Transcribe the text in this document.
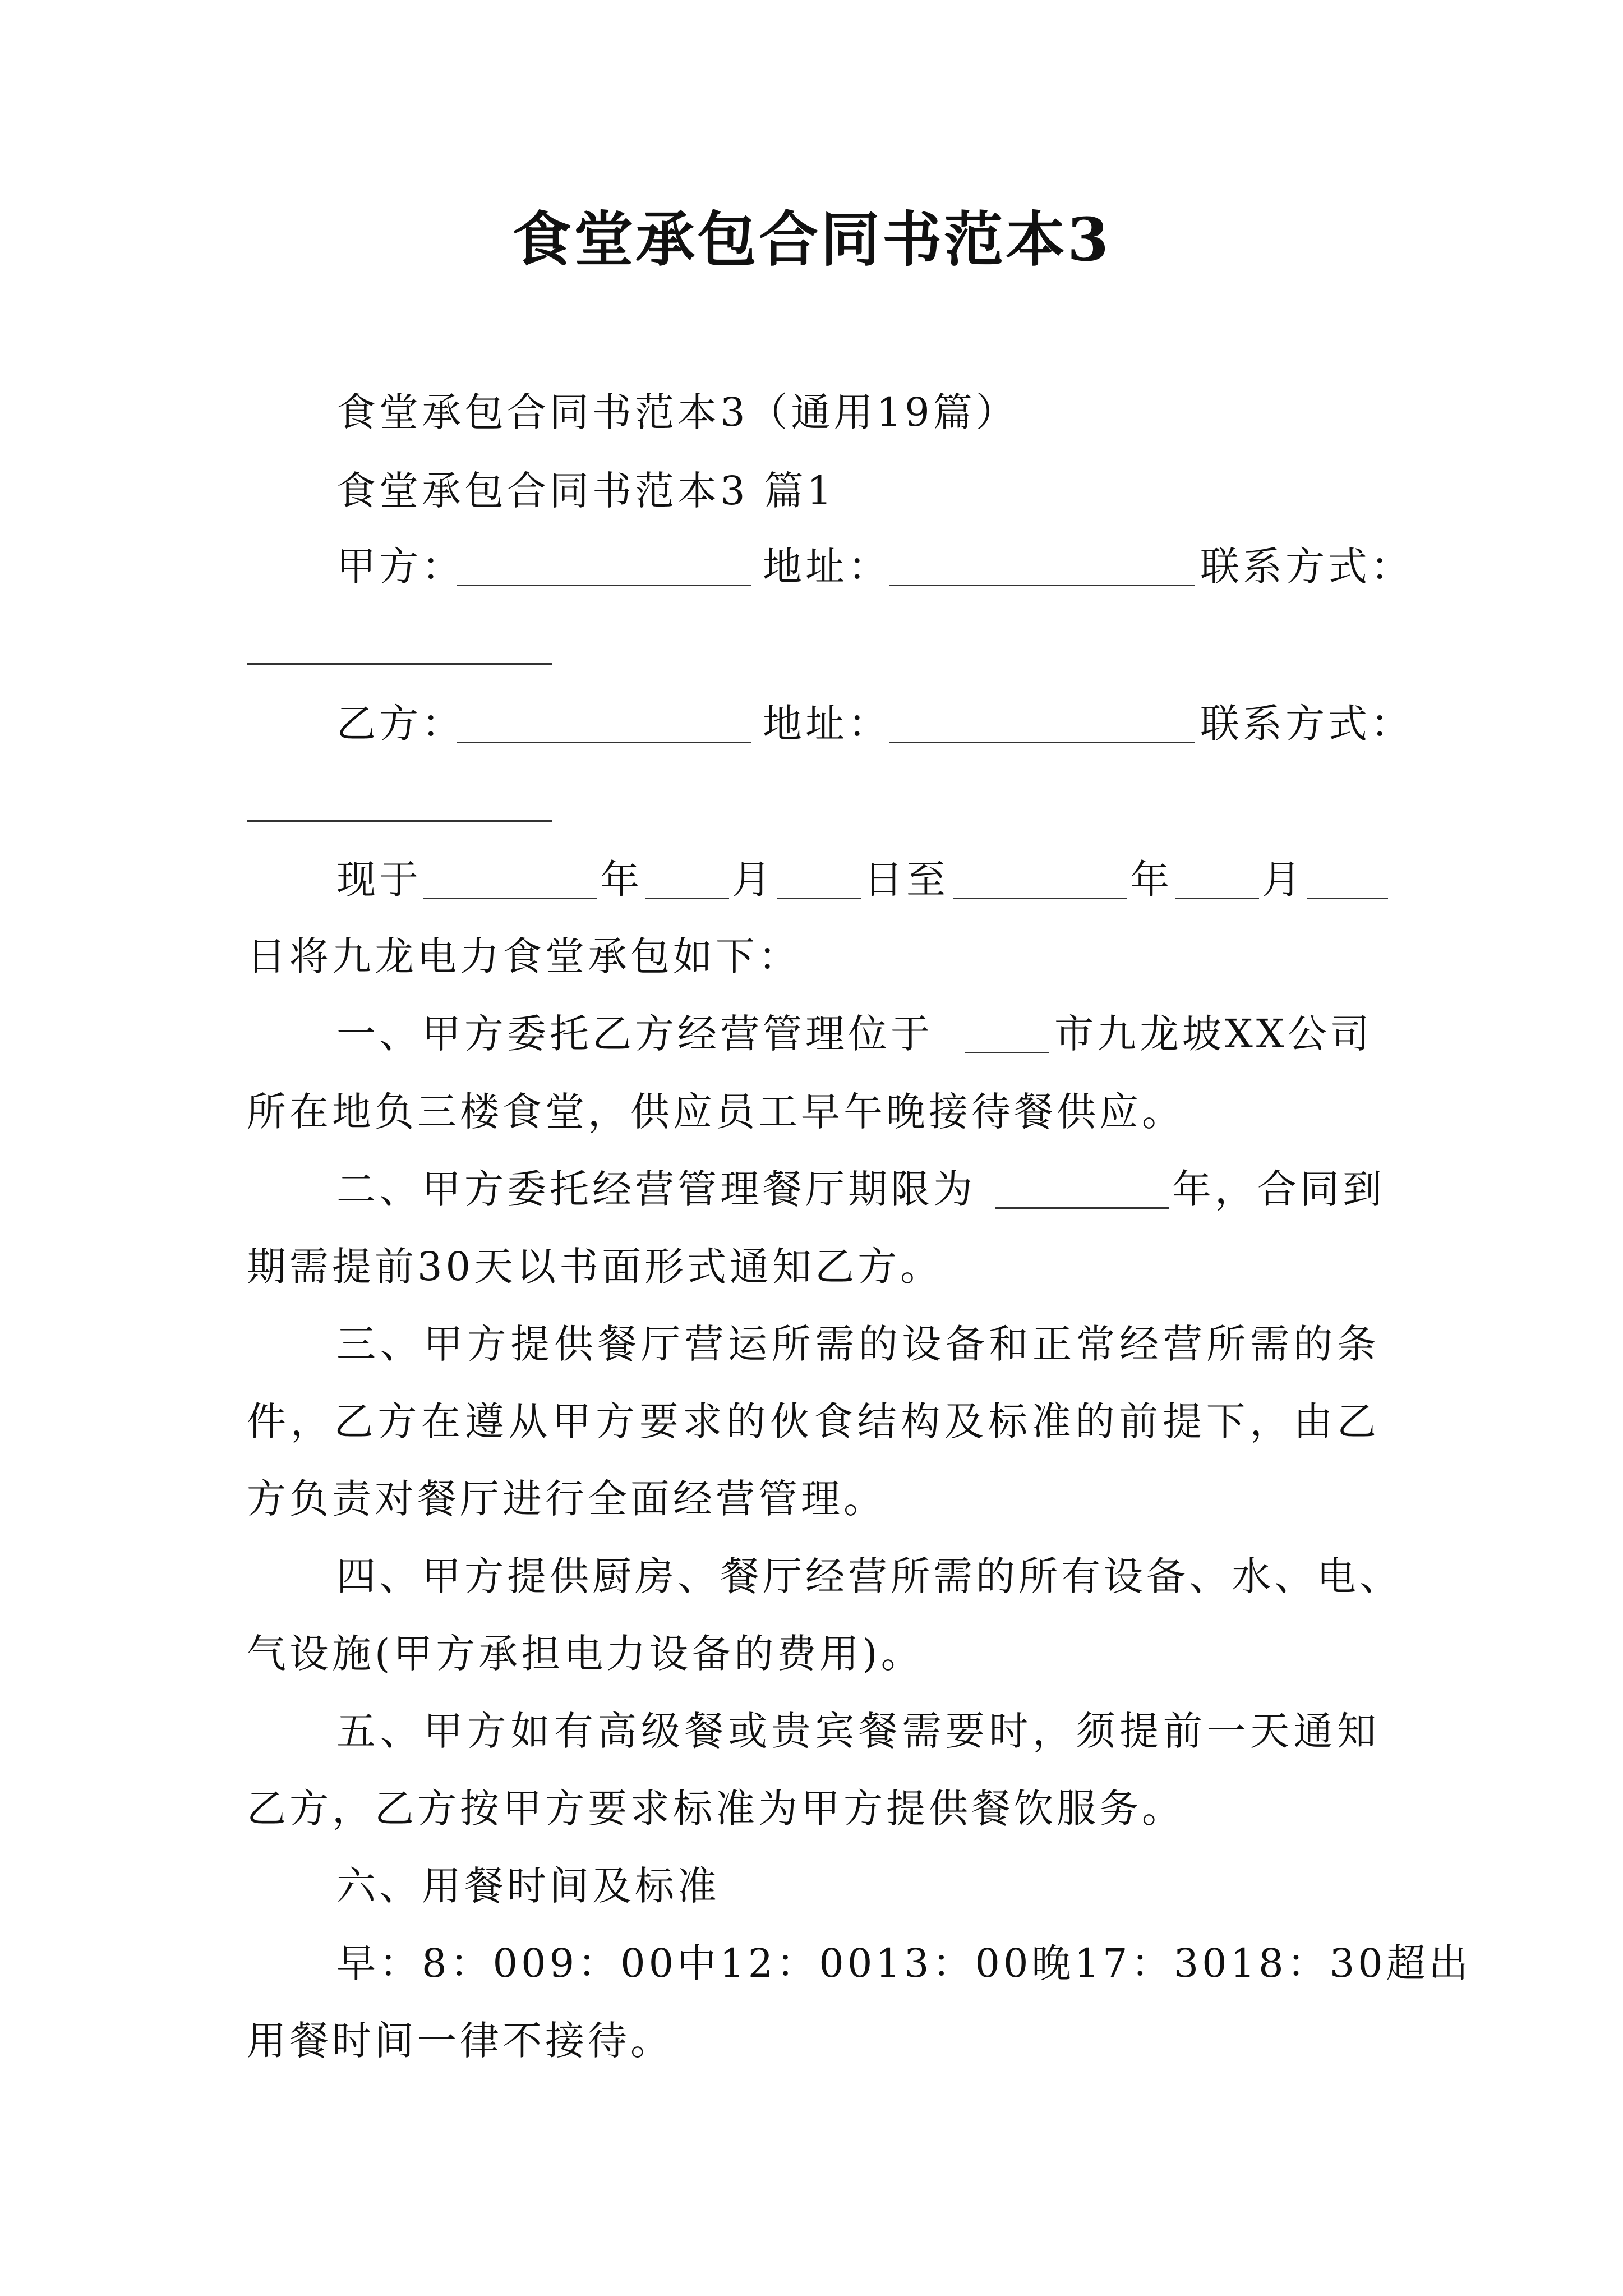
食堂承包合同书范本3
食堂承包合同书范本3（通用19篇）
食堂承包合同书范本3 篇1
甲方：	地址：	联系方式：
乙方：	地址：	联系方式：
现于	年 月 日至	年 月
日将九龙电力食堂承包如下：
一、甲方委托乙方经营管理位于	市九龙坡XX公司
所在地负三楼食堂，供应员工早午晚接待餐供应。
二、甲方委托经营管理餐厅期限为	年，合同到
期需提前30天以书面形式通知乙方。
三、甲方提供餐厅营运所需的设备和正常经营所需的条
件，乙方在遵从甲方要求的伙食结构及标准的前提下，由乙
方负责对餐厅进行全面经营管理。
四、甲方提供厨房、餐厅经营所需的所有设备、水、电、
气设施(甲方承担电力设备的费用)。
五、甲方如有高级餐或贵宾餐需要时，须提前一天通知
乙方，乙方按甲方要求标准为甲方提供餐饮服务。
六、用餐时间及标准
早：8：009：00中12：0013：00晚17：3018：30超出
用餐时间一律不接待。
